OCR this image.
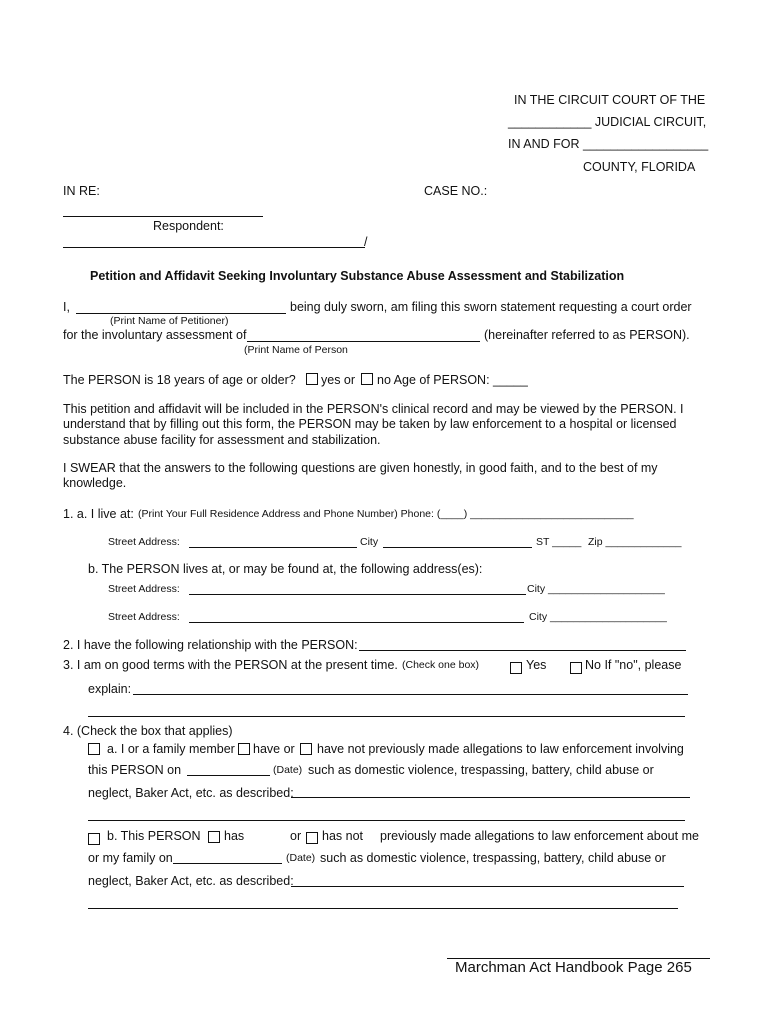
IN THE CIRCUIT COURT OF THE
____________ JUDICIAL CIRCUIT,
IN AND FOR __________________
COUNTY, FLORIDA
IN RE:	CASE NO.:
Respondent:
/
Petition and Affidavit Seeking Involuntary Substance Abuse Assessment and Stabilization
I,	being duly sworn, am filing this sworn statement requesting a court order
(Print Name of Petitioner)
for the involuntary assessment of	(hereinafter referred to as PERSON).
(Print Name of Person
The PERSON is 18 years of age or older? yes or no Age of PERSON: _____
This petition and affidavit will be included in the PERSON's clinical record and may be viewed by the PERSON. I understand that by filling out this form, the PERSON may be taken by law enforcement to a hospital or licensed substance abuse facility for assessment and stabilization.
I SWEAR that the answers to the following questions are given honestly, in good faith, and to the best of my knowledge.
1. a. I live at: (Print Your Full Residence Address and Phone Number) Phone: (____) ____________________________
Street Address:	City	ST _____ Zip _____________
b. The PERSON lives at, or may be found at, the following address(es):
Street Address:	City ____________________
Street Address:	City ____________________
2. I have the following relationship with the PERSON:
3. I am on good terms with the PERSON at the present time. (Check one box)	Yes	No If "no", please
explain:
4. (Check the box that applies)
a. I or a family member have or have not previously made allegations to law enforcement involving
this PERSON on	(Date) such as domestic violence, trespassing, battery, child abuse or
neglect, Baker Act, etc. as described:
b. This PERSON has	or has not previously made allegations to law enforcement about me
or my family on	(Date) such as domestic violence, trespassing, battery, child abuse or
neglect, Baker Act, etc. as described:
Marchman Act Handbook Page 265
